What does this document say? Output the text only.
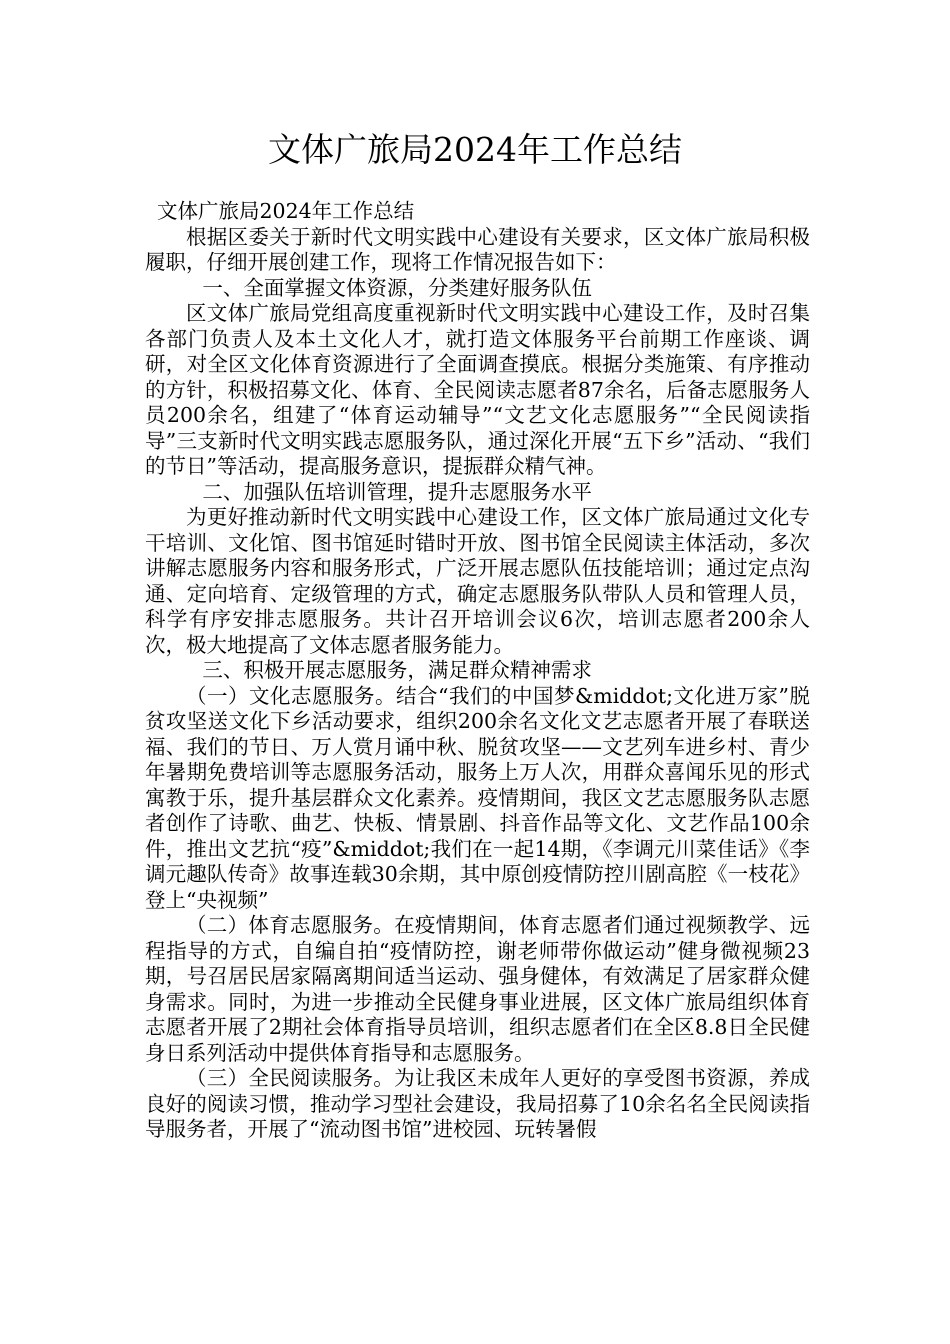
文体广旅局2024年工作总结

文体广旅局2024年工作总结

根据区委关于新时代文明实践中心建设有关要求，区文体广旅局积极履职，仔细开展创建工作，现将工作情况报告如下：

一、全面掌握文体资源，分类建好服务队伍

区文体广旅局党组高度重视新时代文明实践中心建设工作，及时召集各部门负责人及本土文化人才，就打造文体服务平台前期工作座谈、调研，对全区文化体育资源进行了全面调查摸底。根据分类施策、有序推动的方针，积极招募文化、体育、全民阅读志愿者87余名，后备志愿服务人员200余名，组建了“体育运动辅导”“文艺文化志愿服务”“全民阅读指导”三支新时代文明实践志愿服务队，通过深化开展“五下乡”活动、“我们的节日”等活动，提高服务意识，提振群众精气神。

二、加强队伍培训管理，提升志愿服务水平

为更好推动新时代文明实践中心建设工作，区文体广旅局通过文化专干培训、文化馆、图书馆延时错时开放、图书馆全民阅读主体活动，多次讲解志愿服务内容和服务形式，广泛开展志愿队伍技能培训；通过定点沟通、定向培育、定级管理的方式，确定志愿服务队带队人员和管理人员，科学有序安排志愿服务。共计召开培训会议6次，培训志愿者200余人次，极大地提高了文体志愿者服务能力。

三、积极开展志愿服务，满足群众精神需求

（一）文化志愿服务。结合“我们的中国梦&middot;文化进万家”脱贫攻坚送文化下乡活动要求，组织200余名文化文艺志愿者开展了春联送福、我们的节日、万人赏月诵中秋、脱贫攻坚——文艺列车进乡村、青少年暑期免费培训等志愿服务活动，服务上万人次，用群众喜闻乐见的形式寓教于乐，提升基层群众文化素养。疫情期间，我区文艺志愿服务队志愿者创作了诗歌、曲艺、快板、情景剧、抖音作品等文化、文艺作品100余件，推出文艺抗“疫”&middot;我们在一起14期，《李调元川菜佳话》《李调元趣队传奇》故事连载30余期，其中原创疫情防控川剧高腔《一枝花》登上“央视频”

（二）体育志愿服务。在疫情期间，体育志愿者们通过视频教学、远程指导的方式，自编自拍“疫情防控，谢老师带你做运动”健身微视频23期，号召居民居家隔离期间适当运动、强身健体，有效满足了居家群众健身需求。同时，为进一步推动全民健身事业进展，区文体广旅局组织体育志愿者开展了2期社会体育指导员培训，组织志愿者们在全区8.8日全民健身日系列活动中提供体育指导和志愿服务。

（三）全民阅读服务。为让我区未成年人更好的享受图书资源，养成良好的阅读习惯，推动学习型社会建设，我局招募了10余名名全民阅读指导服务者，开展了“流动图书馆”进校园、玩转暑假
